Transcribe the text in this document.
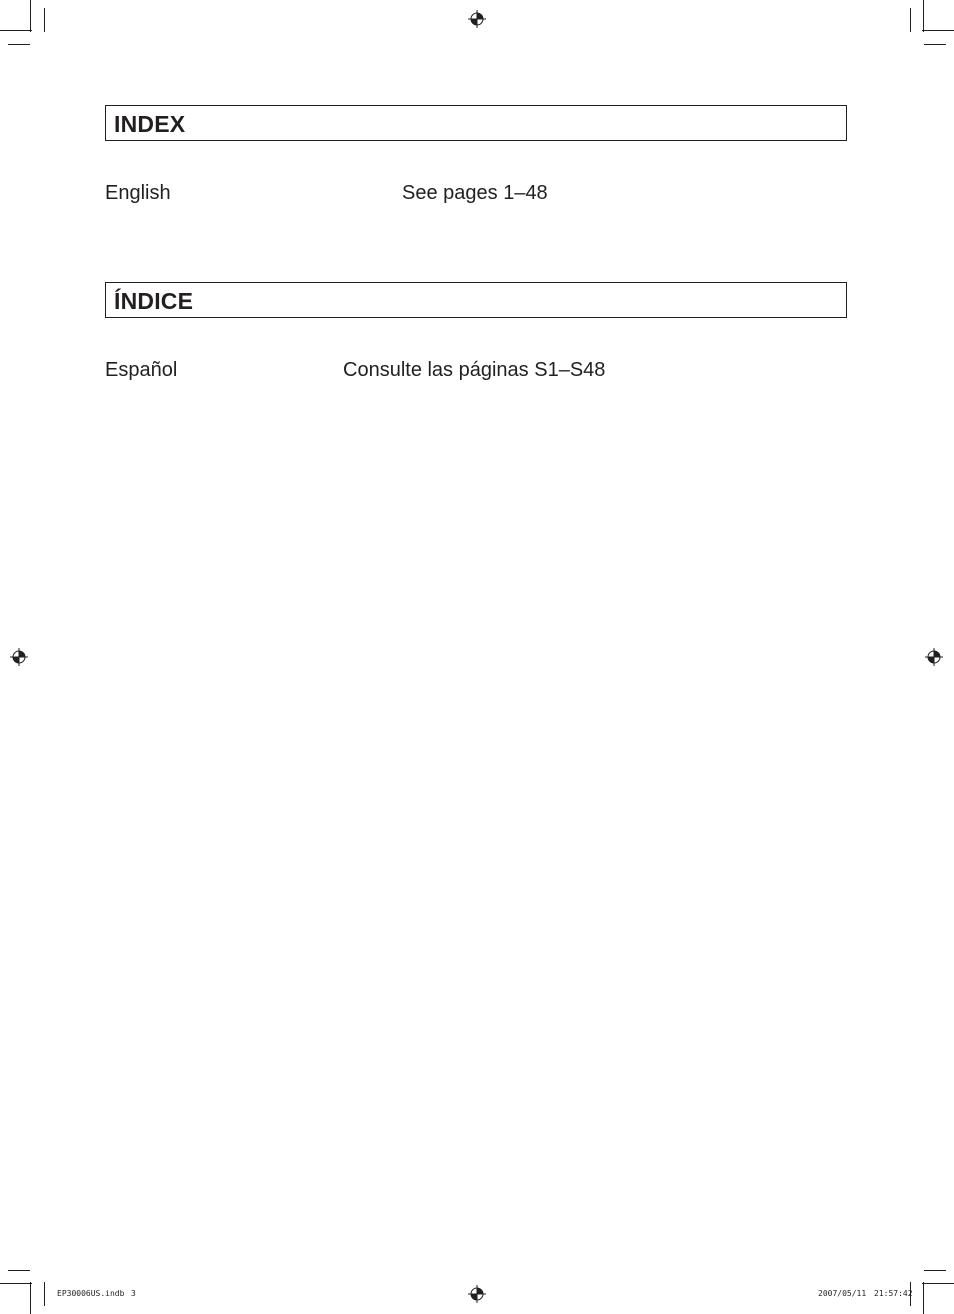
INDEX
English	See pages 1–48
ÍNDICE
Español	Consulte las páginas S1–S48
EP30006US.indb 3	2007/05/11 21:57:42
